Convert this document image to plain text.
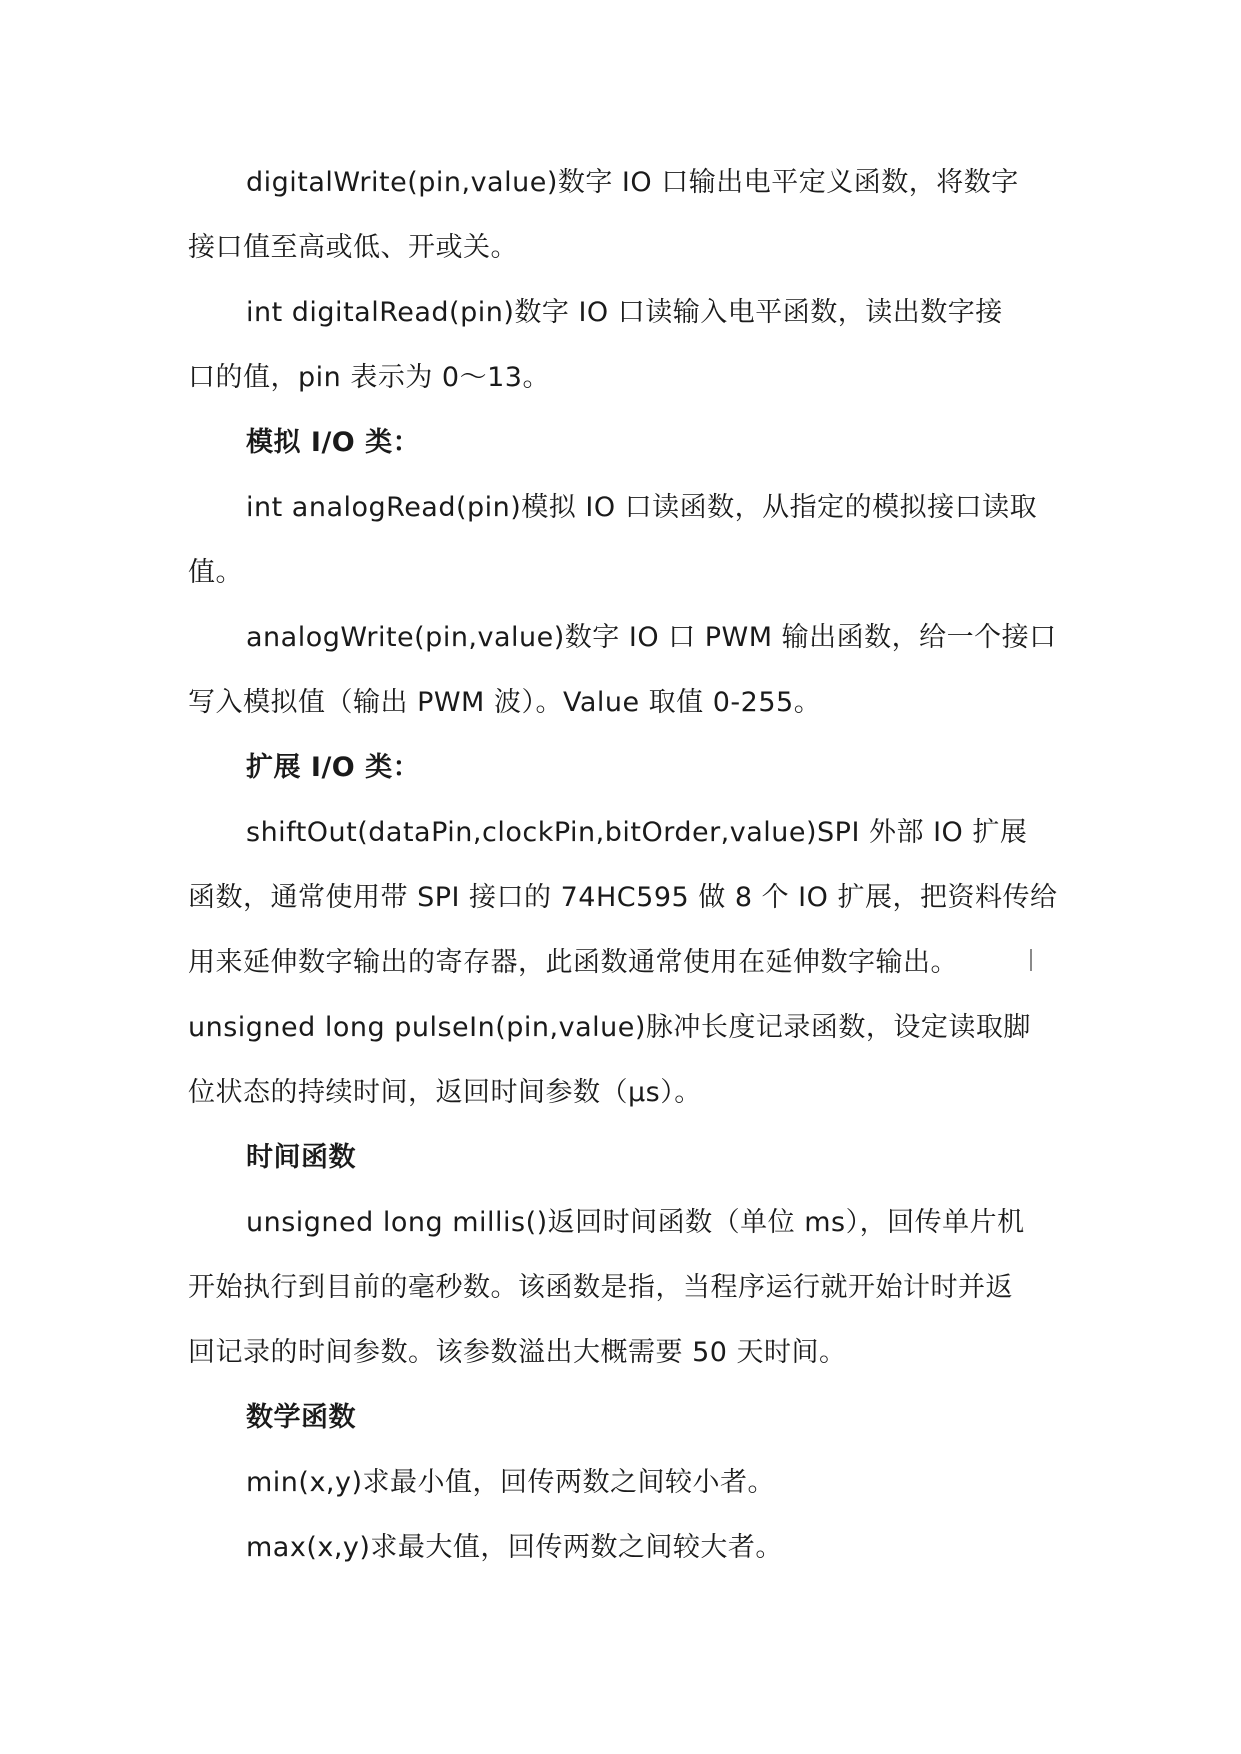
digitalWrite(pin,value)数字 IO 口输出电平定义函数，将数字
接口值至高或低、开或关。
int digitalRead(pin)数字 IO 口读输入电平函数，读出数字接
口的值，pin 表示为 0～13。
模拟 I/O 类：
int analogRead(pin)模拟 IO 口读函数，从指定的模拟接口读取
值。
analogWrite(pin,value)数字 IO 口 PWM 输出函数，给一个接口
写入模拟值（输出 PWM 波）。Value 取值 0-255。
扩展 I/O 类：
shiftOut(dataPin,clockPin,bitOrder,value)SPI 外部 IO 扩展
函数，通常使用带 SPI 接口的 74HC595 做 8 个 IO 扩展，把资料传给
用来延伸数字输出的寄存器，此函数通常使用在延伸数字输出。
unsigned long pulseIn(pin,value)脉冲长度记录函数，设定读取脚
位状态的持续时间，返回时间参数（μs）。
时间函数
unsigned long millis()返回时间函数（单位 ms），回传单片机
开始执行到目前的毫秒数。该函数是指，当程序运行就开始计时并返
回记录的时间参数。该参数溢出大概需要 50 天时间。
数学函数
min(x,y)求最小值，回传两数之间较小者。
max(x,y)求最大值，回传两数之间较大者。
